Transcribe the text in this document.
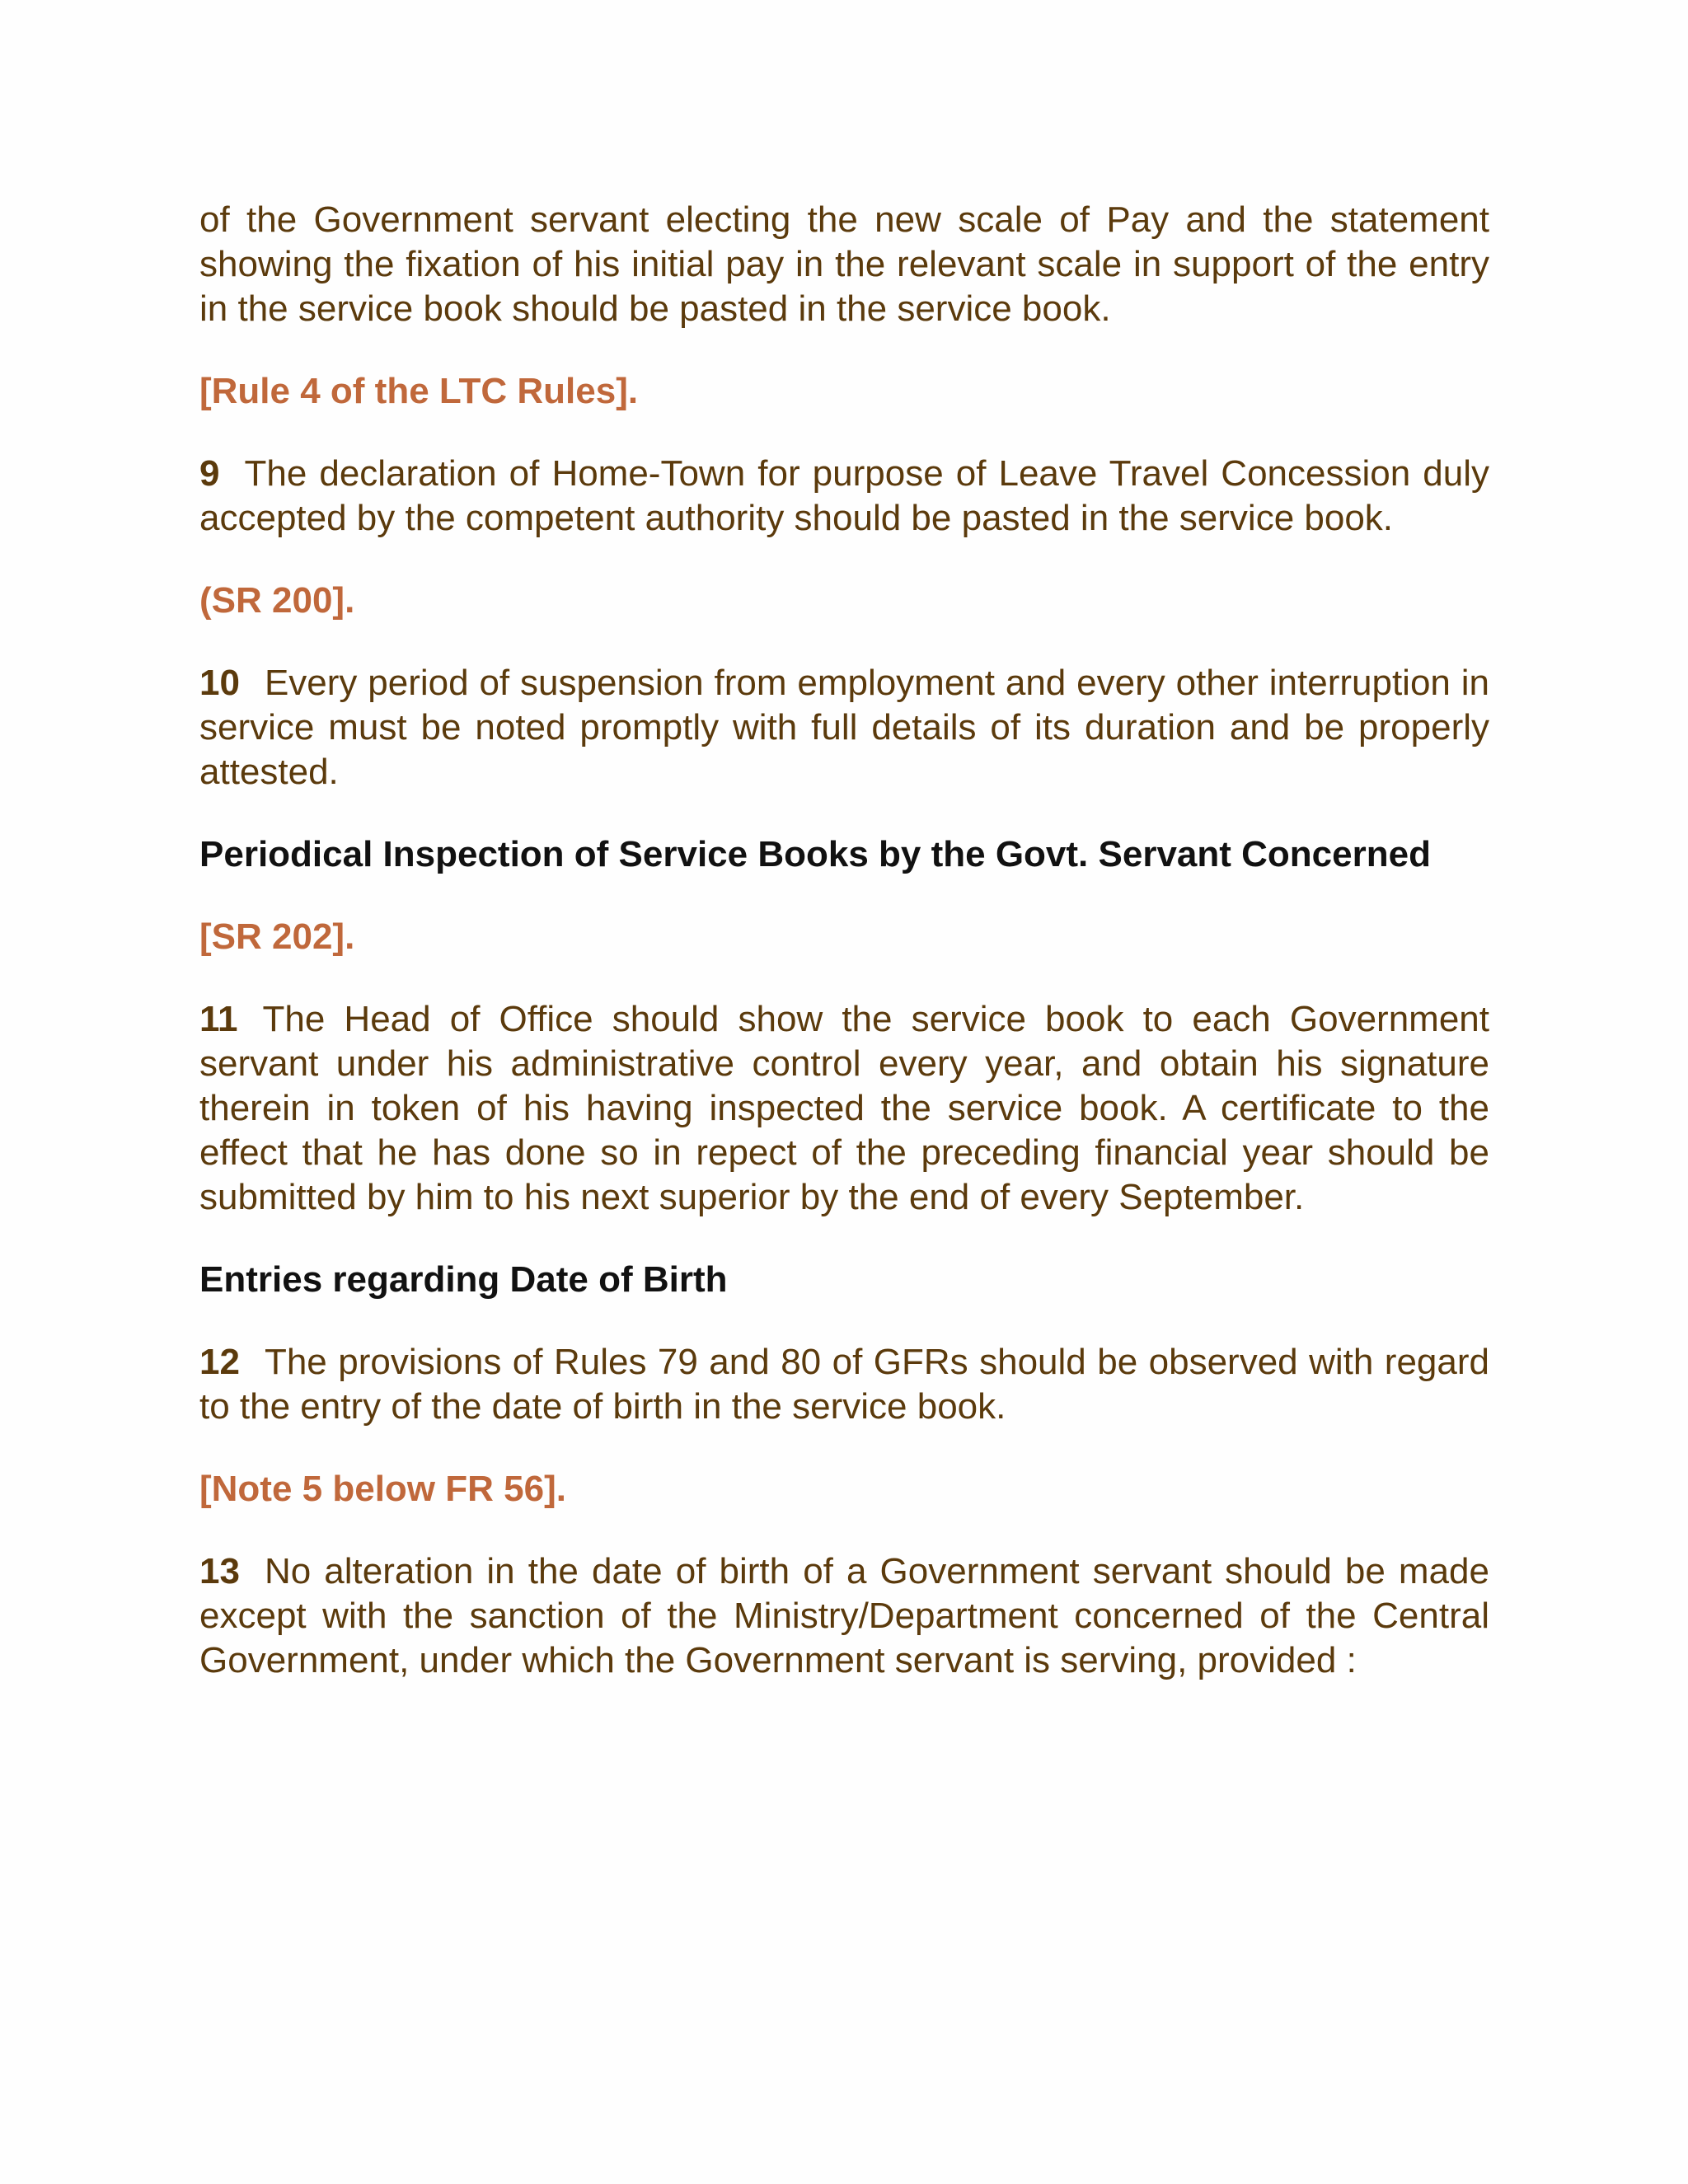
of the Government servant electing the new scale of Pay and the statement showing the fixation of his initial pay in the relevant scale in support of the entry in the service book should be pasted in the service book.

[Rule 4 of the LTC Rules].

9 The declaration of Home-Town for purpose of Leave Travel Concession duly accepted by the competent authority should be pasted in the service book.

(SR 200].

10 Every period of suspension from employment and every other interruption in service must be noted promptly with full details of its duration and be properly attested.

Periodical Inspection of Service Books by the Govt. Servant Concerned

[SR 202].

11 The Head of Office should show the service book to each Government servant under his administrative control every year, and obtain his signature therein in token of his having inspected the service book. A certificate to the effect that he has done so in repect of the preceding financial year should be submitted by him to his next superior by the end of every September.

Entries regarding Date of Birth

12 The provisions of Rules 79 and 80 of GFRs should be observed with regard to the entry of the date of birth in the service book.

[Note 5 below FR 56].

13 No alteration in the date of birth of a Government servant should be made except with the sanction of the Ministry/Department concerned of the Central Government, under which the Government servant is serving, provided :
